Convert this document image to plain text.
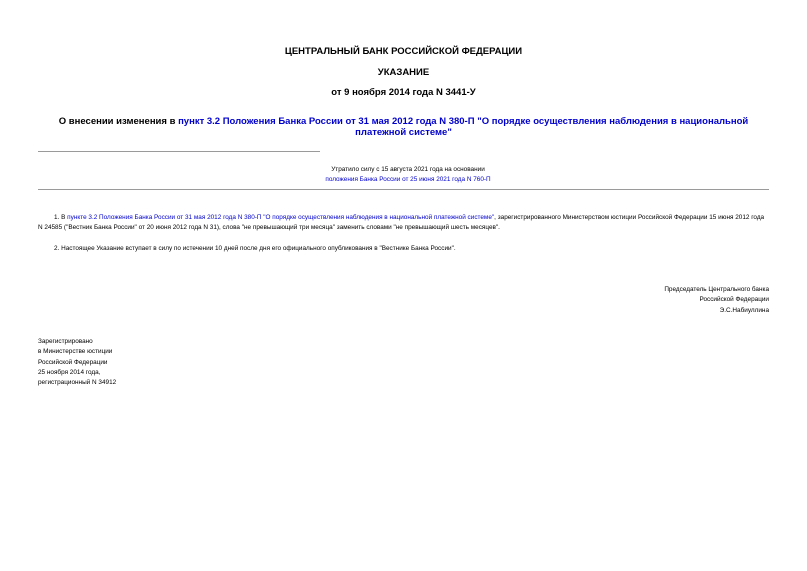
ЦЕНТРАЛЬНЫЙ БАНК РОССИЙСКОЙ ФЕДЕРАЦИИ
УКАЗАНИЕ
от 9 ноября 2014 года N 3441-У
О внесении изменения в пункт 3.2 Положения Банка России от 31 мая 2012 года N 380-П "О порядке осуществления наблюдения в национальной платежной системе"
Утратило силу с 15 августа 2021 года на основании
положения Банка России от 25 июня 2021 года N 760-П
1. В пункте 3.2 Положения Банка России от 31 мая 2012 года N 380-П "О порядке осуществления наблюдения в национальной платежной системе", зарегистрированного Министерством юстиции Российской Федерации 15 июня 2012 года N 24585 ("Вестник Банка России" от 20 июня 2012 года N 31), слова "не превышающий три месяца" заменить словами "не превышающий шесть месяцев".
2. Настоящее Указание вступает в силу по истечении 10 дней после дня его официального опубликования в "Вестнике Банка России".
Председатель Центрального банка
Российской Федерации
Э.С.Набиуллина
Зарегистрировано
в Министерстве юстиции
Российской Федерации
25 ноября 2014 года,
регистрационный N 34912
